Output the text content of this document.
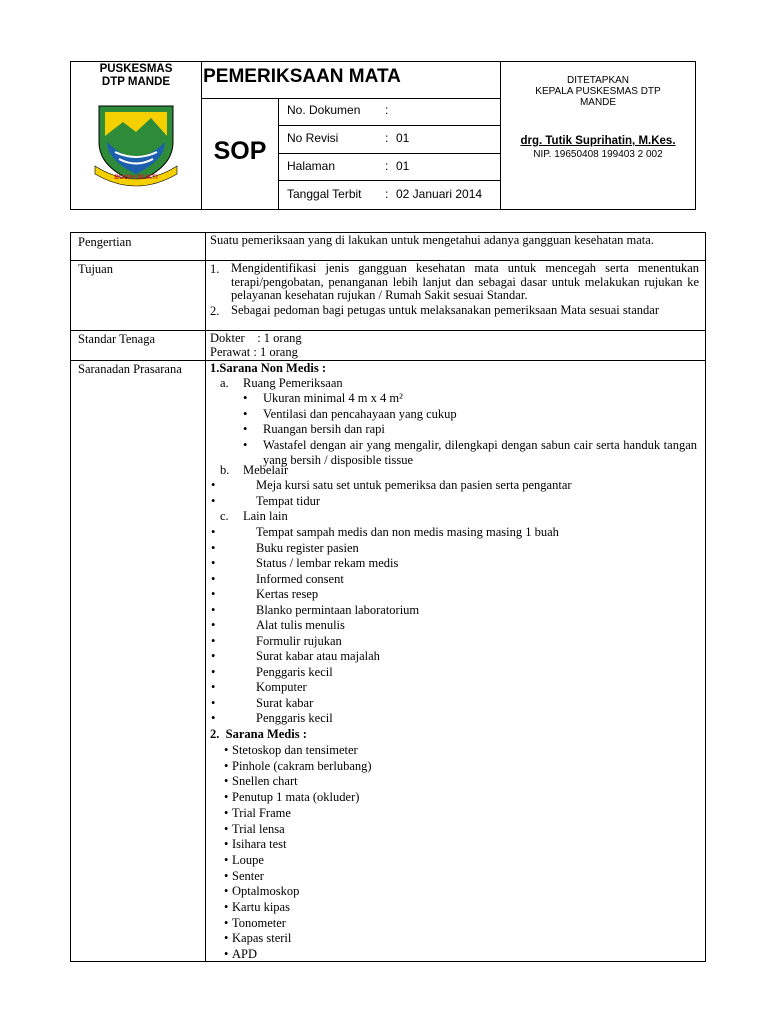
PUSKESMAS
DTP MANDE
BUGIH MUKTI
PEMERIKSAAN MATA
SOP
No. Dokumen :
No Revisi	: 01
Halaman	: 01
Tanggal Terbit : 02 Januari 2014
DITETAPKAN
KEPALA PUSKESMAS DTP
MANDE
drg. Tutik Suprihatin, M.Kes.
NIP. 19650408 199403 2 002
Pengertian	Suatu pemeriksaan yang di lakukan untuk mengetahui adanya gangguan kesehatan mata.
Tujuan	1. Mengidentifikasi jenis gangguan kesehatan mata untuk mencegah serta menentukan terapi/pengobatan, penanganan lebih lanjut dan sebagai dasar untuk melakukan rujukan ke pelayanan kesehatan rujukan / Rumah Sakit sesuai Standar.
2. Sebagai pedoman bagi petugas untuk melaksanakan pemeriksaan Mata sesuai standar
Standar Tenaga	Dokter    : 1 orang
Perawat : 1 orang
Saranadan Prasarana 1.Sarana Non Medis :
a. Ruang Pemeriksaan
•
Ukuran minimal 4 m x 4 m²
•
Ventilasi dan pencahayaan yang cukup
•
Ruangan bersih dan rapi
•
Wastafel dengan air yang mengalir, dilengkapi dengan sabun cair serta handuk tangan yang bersih / disposible tissue
b. Mebelair
•
Meja kursi satu set untuk pemeriksa dan pasien serta pengantar
•
Tempat tidur
c. Lain lain
•
Tempat sampah medis dan non medis masing masing 1 buah
•
Buku register pasien
•
Status / lembar rekam medis
•
Informed consent
•
Kertas resep
•
Blanko permintaan laboratorium
•
Alat tulis menulis
•
Formulir rujukan
•
Surat kabar atau majalah
•
Penggaris kecil
•
Komputer
•
Surat kabar
•
Penggaris kecil
2.  Sarana Medis :
•
Stetoskop dan tensimeter
•
Pinhole (cakram berlubang)
•
Snellen chart
•
Penutup 1 mata (okluder)
•
Trial Frame
•
Trial lensa
•
Isihara test
•
Loupe
•
Senter
•
Optalmoskop
•
Kartu kipas
•
Tonometer
•
Kapas steril
•
APD
